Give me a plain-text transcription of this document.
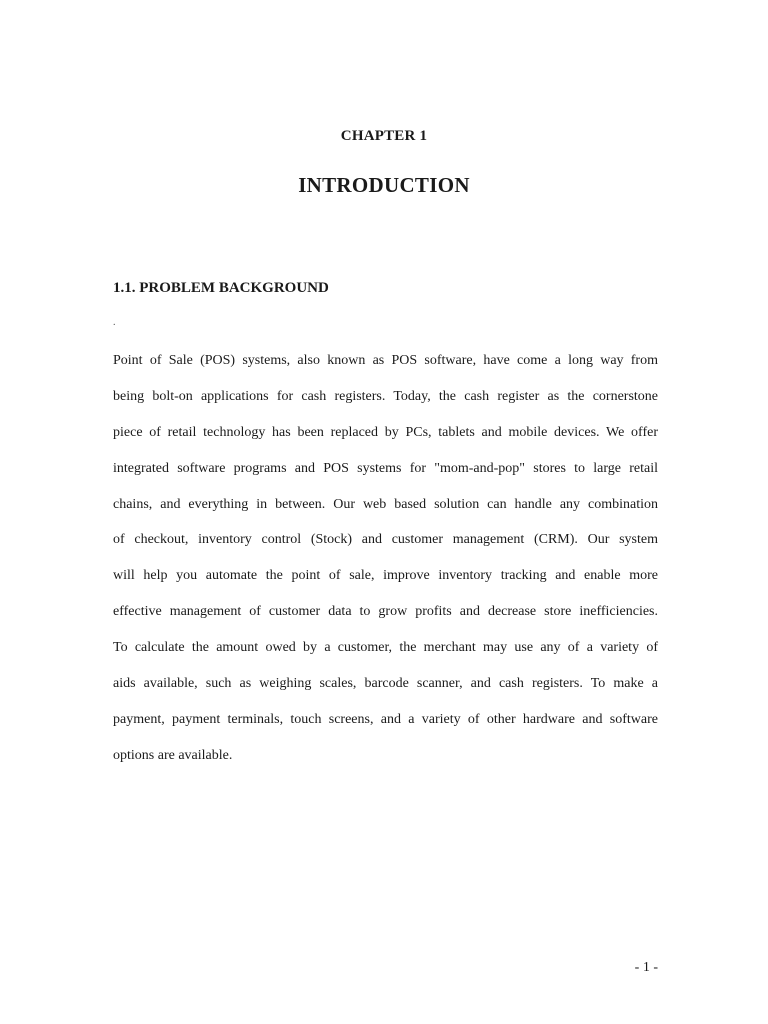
CHAPTER 1
INTRODUCTION
1.1. PROBLEM BACKGROUND
.
Point of Sale (POS) systems, also known as POS software, have come a long way from
being bolt-on applications for cash registers. Today, the cash register as the cornerstone
piece of retail technology has been replaced by PCs, tablets and mobile devices. We offer
integrated software programs and POS systems for "mom-and-pop" stores to large retail
chains, and everything in between. Our web based solution can handle any combination
of checkout, inventory control (Stock) and customer management (CRM). Our system
will help you automate the point of sale, improve inventory tracking and enable more
effective management of customer data to grow profits and decrease store inefficiencies.
To calculate the amount owed by a customer, the merchant may use any of a variety of
aids available, such as weighing scales, barcode scanner, and cash registers. To make a
payment, payment terminals, touch screens, and a variety of other hardware and software
options are available.
- 1 -
